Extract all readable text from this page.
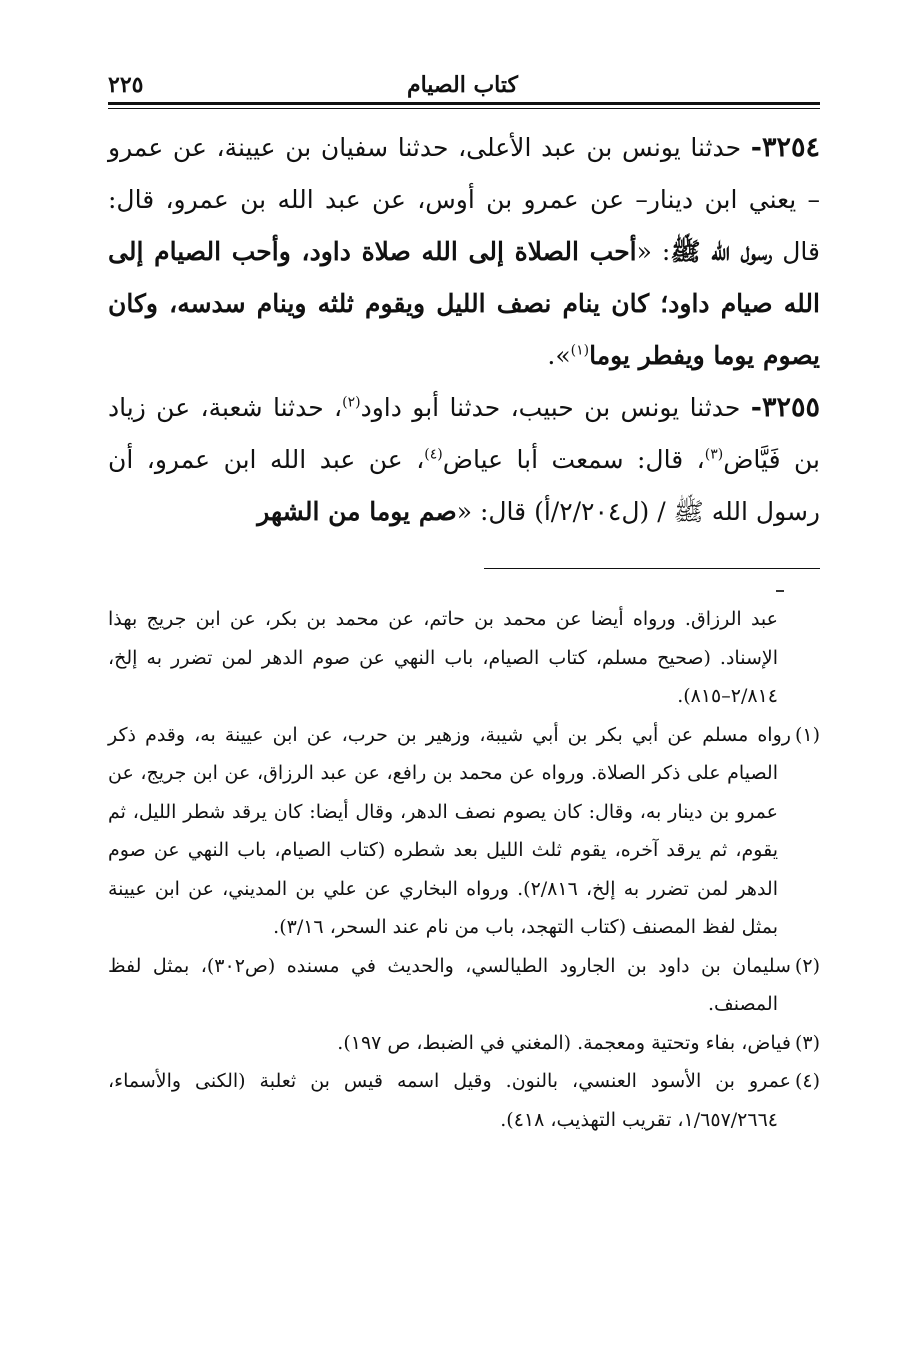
كتاب الصيام
٢٢٥

٣٢٥٤- حدثنا يونس بن عبد الأعلى، حدثنا سفيان بن عيينة، عن عمرو – يعني ابن دينار– عن عمرو بن أوس، عن عبد الله بن عمرو، قال: قال رسول الله ﷺ: «أحب الصلاة إلى الله صلاة داود، وأحب الصيام إلى الله صيام داود؛ كان ينام نصف الليل ويقوم ثلثه وينام سدسه، وكان يصوم يوما ويفطر يوما$^{(١)}$».

٣٢٥٥- حدثنا يونس بن حبيب، حدثنا أبو داود$^{(٢)}$، حدثنا شعبة، عن زياد بن فَيَّاض$^{(٣)}$، قال: سمعت أبا عياض$^{(٤)}$، عن عبد الله ابن عمرو، أن رسول الله ﷺ / (ل٢/٢٠٤/أ) قال: «صم يوما من الشهر

عبد الرزاق. ورواه أيضا عن محمد بن حاتم، عن محمد بن بكر، عن ابن جريج بهذا الإسناد. (صحيح مسلم، كتاب الصيام، باب النهي عن صوم الدهر لمن تضرر به إلخ، ٢/٨١٤–٨١٥).

(١)رواه مسلم عن أبي بكر بن أبي شيبة، وزهير بن حرب، عن ابن عيينة به، وقدم ذكر الصيام على ذكر الصلاة. ورواه عن محمد بن رافع، عن عبد الرزاق، عن ابن جريج، عن عمرو بن دينار به، وقال: كان يصوم نصف الدهر، وقال أيضا: كان يرقد شطر الليل، ثم يقوم، ثم يرقد آخره، يقوم ثلث الليل بعد شطره (كتاب الصيام، باب النهي عن صوم الدهر لمن تضرر به إلخ، ٢/٨١٦). ورواه البخاري عن علي بن المديني، عن ابن عيينة بمثل لفظ المصنف (كتاب التهجد، باب من نام عند السحر، ٣/١٦).

(٢)سليمان بن داود بن الجارود الطيالسي، والحديث في مسنده (ص٣٠٢)، بمثل لفظ المصنف.

(٣)فياض، بفاء وتحتية ومعجمة. (المغني في الضبط، ص ١٩٧).

(٤)عمرو بن الأسود العنسي، بالنون. وقيل اسمه قيس بن ثعلبة (الكنى والأسماء، ١/٦٥٧/٢٦٦٤، تقريب التهذيب، ٤١٨).
